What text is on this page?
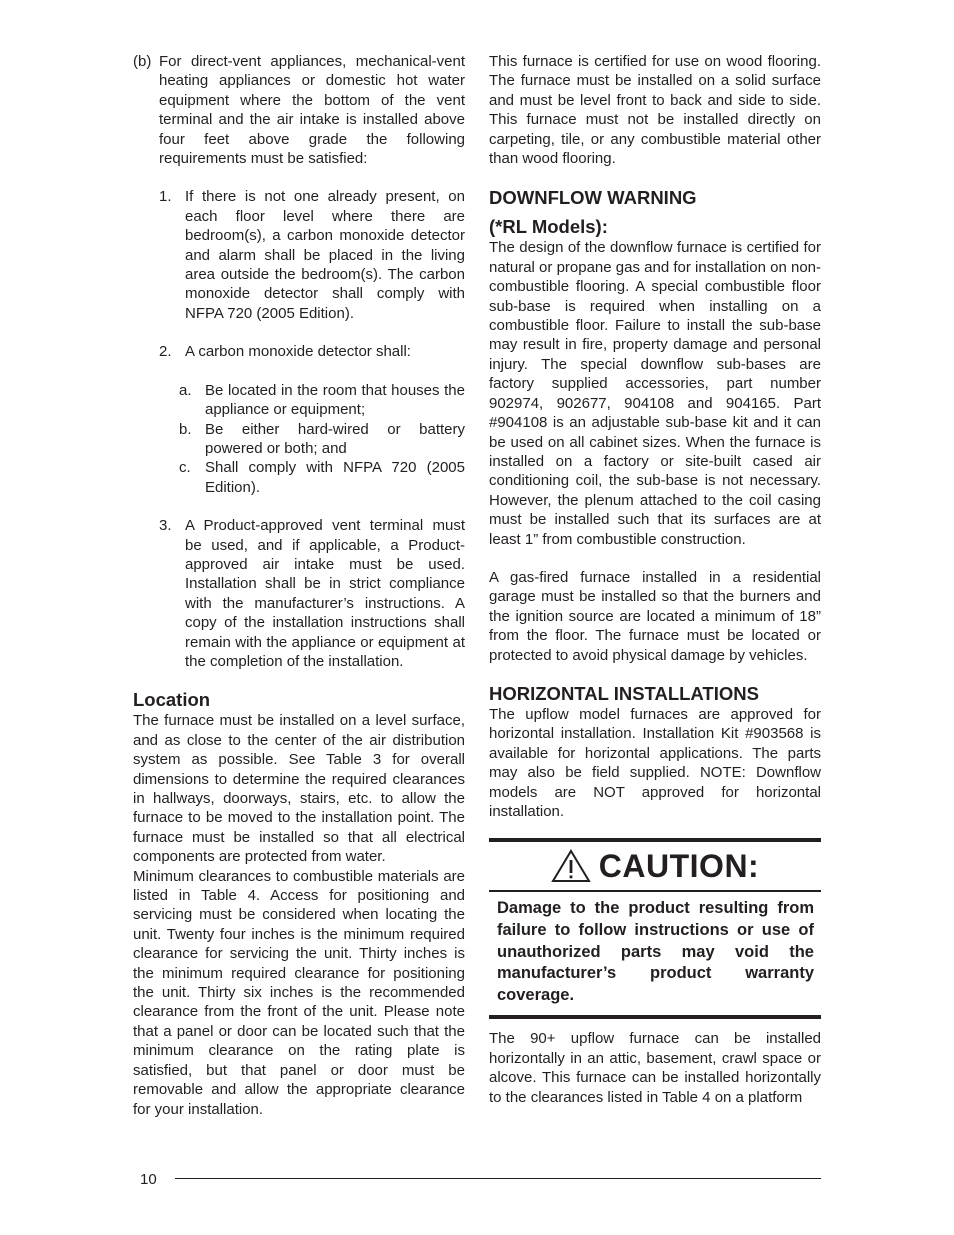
(b) For direct-vent appliances, mechanical-vent heating appliances or domestic hot water equipment where the bottom of the vent terminal and the air intake is installed above four feet above grade the following requirements must be satisfied:
1. If there is not one already present, on each floor level where there are bedroom(s), a carbon monoxide detector and alarm shall be placed in the living area outside the bedroom(s). The carbon monoxide detector shall comply with NFPA 720 (2005 Edition).
2. A carbon monoxide detector shall:
a. Be located in the room that houses the appliance or equipment;
b. Be either hard-wired or battery powered or both; and
c. Shall comply with NFPA 720 (2005 Edition).
3. A Product-approved vent terminal must be used, and if applicable, a Product-approved air intake must be used. Installation shall be in strict compliance with the manufacturer’s instructions. A copy of the installation instructions shall remain with the appliance or equipment at the completion of the installation.
Location

The furnace must be installed on a level surface, and as close to the center of the air distribution system as possible. See Table 3 for overall dimensions to determine the required clearances in hallways, doorways, stairs, etc. to allow the furnace to be moved to the installation point. The furnace must be installed so that all electrical components are protected from water.

Minimum clearances to combustible materials are listed in Table 4. Access for positioning and servicing must be considered when locating the unit. Twenty four inches is the minimum required clearance for servicing the unit. Thirty inches is the minimum required clearance for positioning the unit. Thirty six inches is the recommended clearance from the front of the unit. Please note that a panel or door can be located such that the minimum clearance on the rating plate is satisfied, but that panel or door must be removable and allow the appropriate clearance for your installation.

This furnace is certified for use on wood flooring. The furnace must be installed on a solid surface and must be level front to back and side to side. This furnace must not be installed directly on carpeting, tile, or any combustible material other than wood flooring.

DOWNFLOW WARNING
(*RL Models):

The design of the downflow furnace is certified for natural or propane gas and for installation on non-combustible flooring. A special combustible floor sub-base is required when installing on a combustible floor. Failure to install the sub-base may result in fire, property damage and personal injury. The special downflow sub-bases are factory supplied accessories, part number 902974, 902677, 904108 and 904165. Part #904108 is an adjustable sub-base kit and it can be used on all cabinet sizes. When the furnace is installed on a factory or site-built cased air conditioning coil, the sub-base is not necessary. However, the plenum attached to the coil casing must be installed such that its surfaces are at least 1” from combustible construction.

A gas-fired furnace installed in a residential garage must be installed so that the burners and the ignition source are located a minimum of 18” from the floor. The furnace must be located or protected to avoid physical damage by vehicles.

HORIZONTAL INSTALLATIONS

The upflow model furnaces are approved for horizontal installation. Installation Kit #903568 is available for horizontal applications. The parts may also be field supplied. NOTE: Downflow models are NOT approved for horizontal installation.

CAUTION:
Damage to the product resulting from failure to follow instructions or use of unauthorized parts may void the manufacturer’s product warranty coverage.

The 90+ upflow furnace can be installed horizontally in an attic, basement, crawl space or alcove. This furnace can be installed horizontally to the clearances listed in Table 4 on a platform

10
